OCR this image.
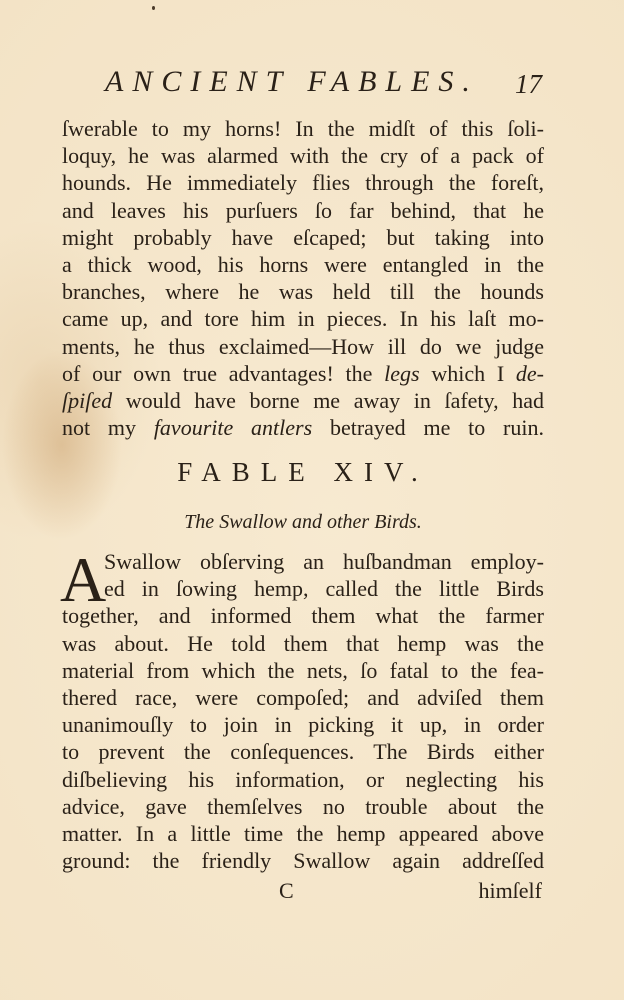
ANCIENT FABLES. 17
ſwerable to my horns! In the midſt of this ſoli-
loquy, he was alarmed with the cry of a pack of
hounds. He immediately flies through the foreſt,
and leaves his purſuers ſo far behind, that he
might probably have eſcaped; but taking into
a thick wood, his horns were entangled in the
branches, where he was held till the hounds
came up, and tore him in pieces. In his laſt mo-
ments, he thus exclaimed—How ill do we judge
of our own true advantages! the legs which I de-
ſpiſed would have borne me away in ſafety, had
not my favourite antlers betrayed me to ruin.
FABLE XIV.
The Swallow and other Birds.
A
Swallow obſerving an huſbandman employ-
ed in ſowing hemp, called the little Birds
together, and informed them what the farmer
was about. He told them that hemp was the
material from which the nets, ſo fatal to the fea-
thered race, were compoſed; and adviſed them
unanimouſly to join in picking it up, in order
to prevent the conſequences. The Birds either
diſbelieving his information, or neglecting his
advice, gave themſelves no trouble about the
matter. In a little time the hemp appeared above
ground: the friendly Swallow again addreſſed
C	himſelf
